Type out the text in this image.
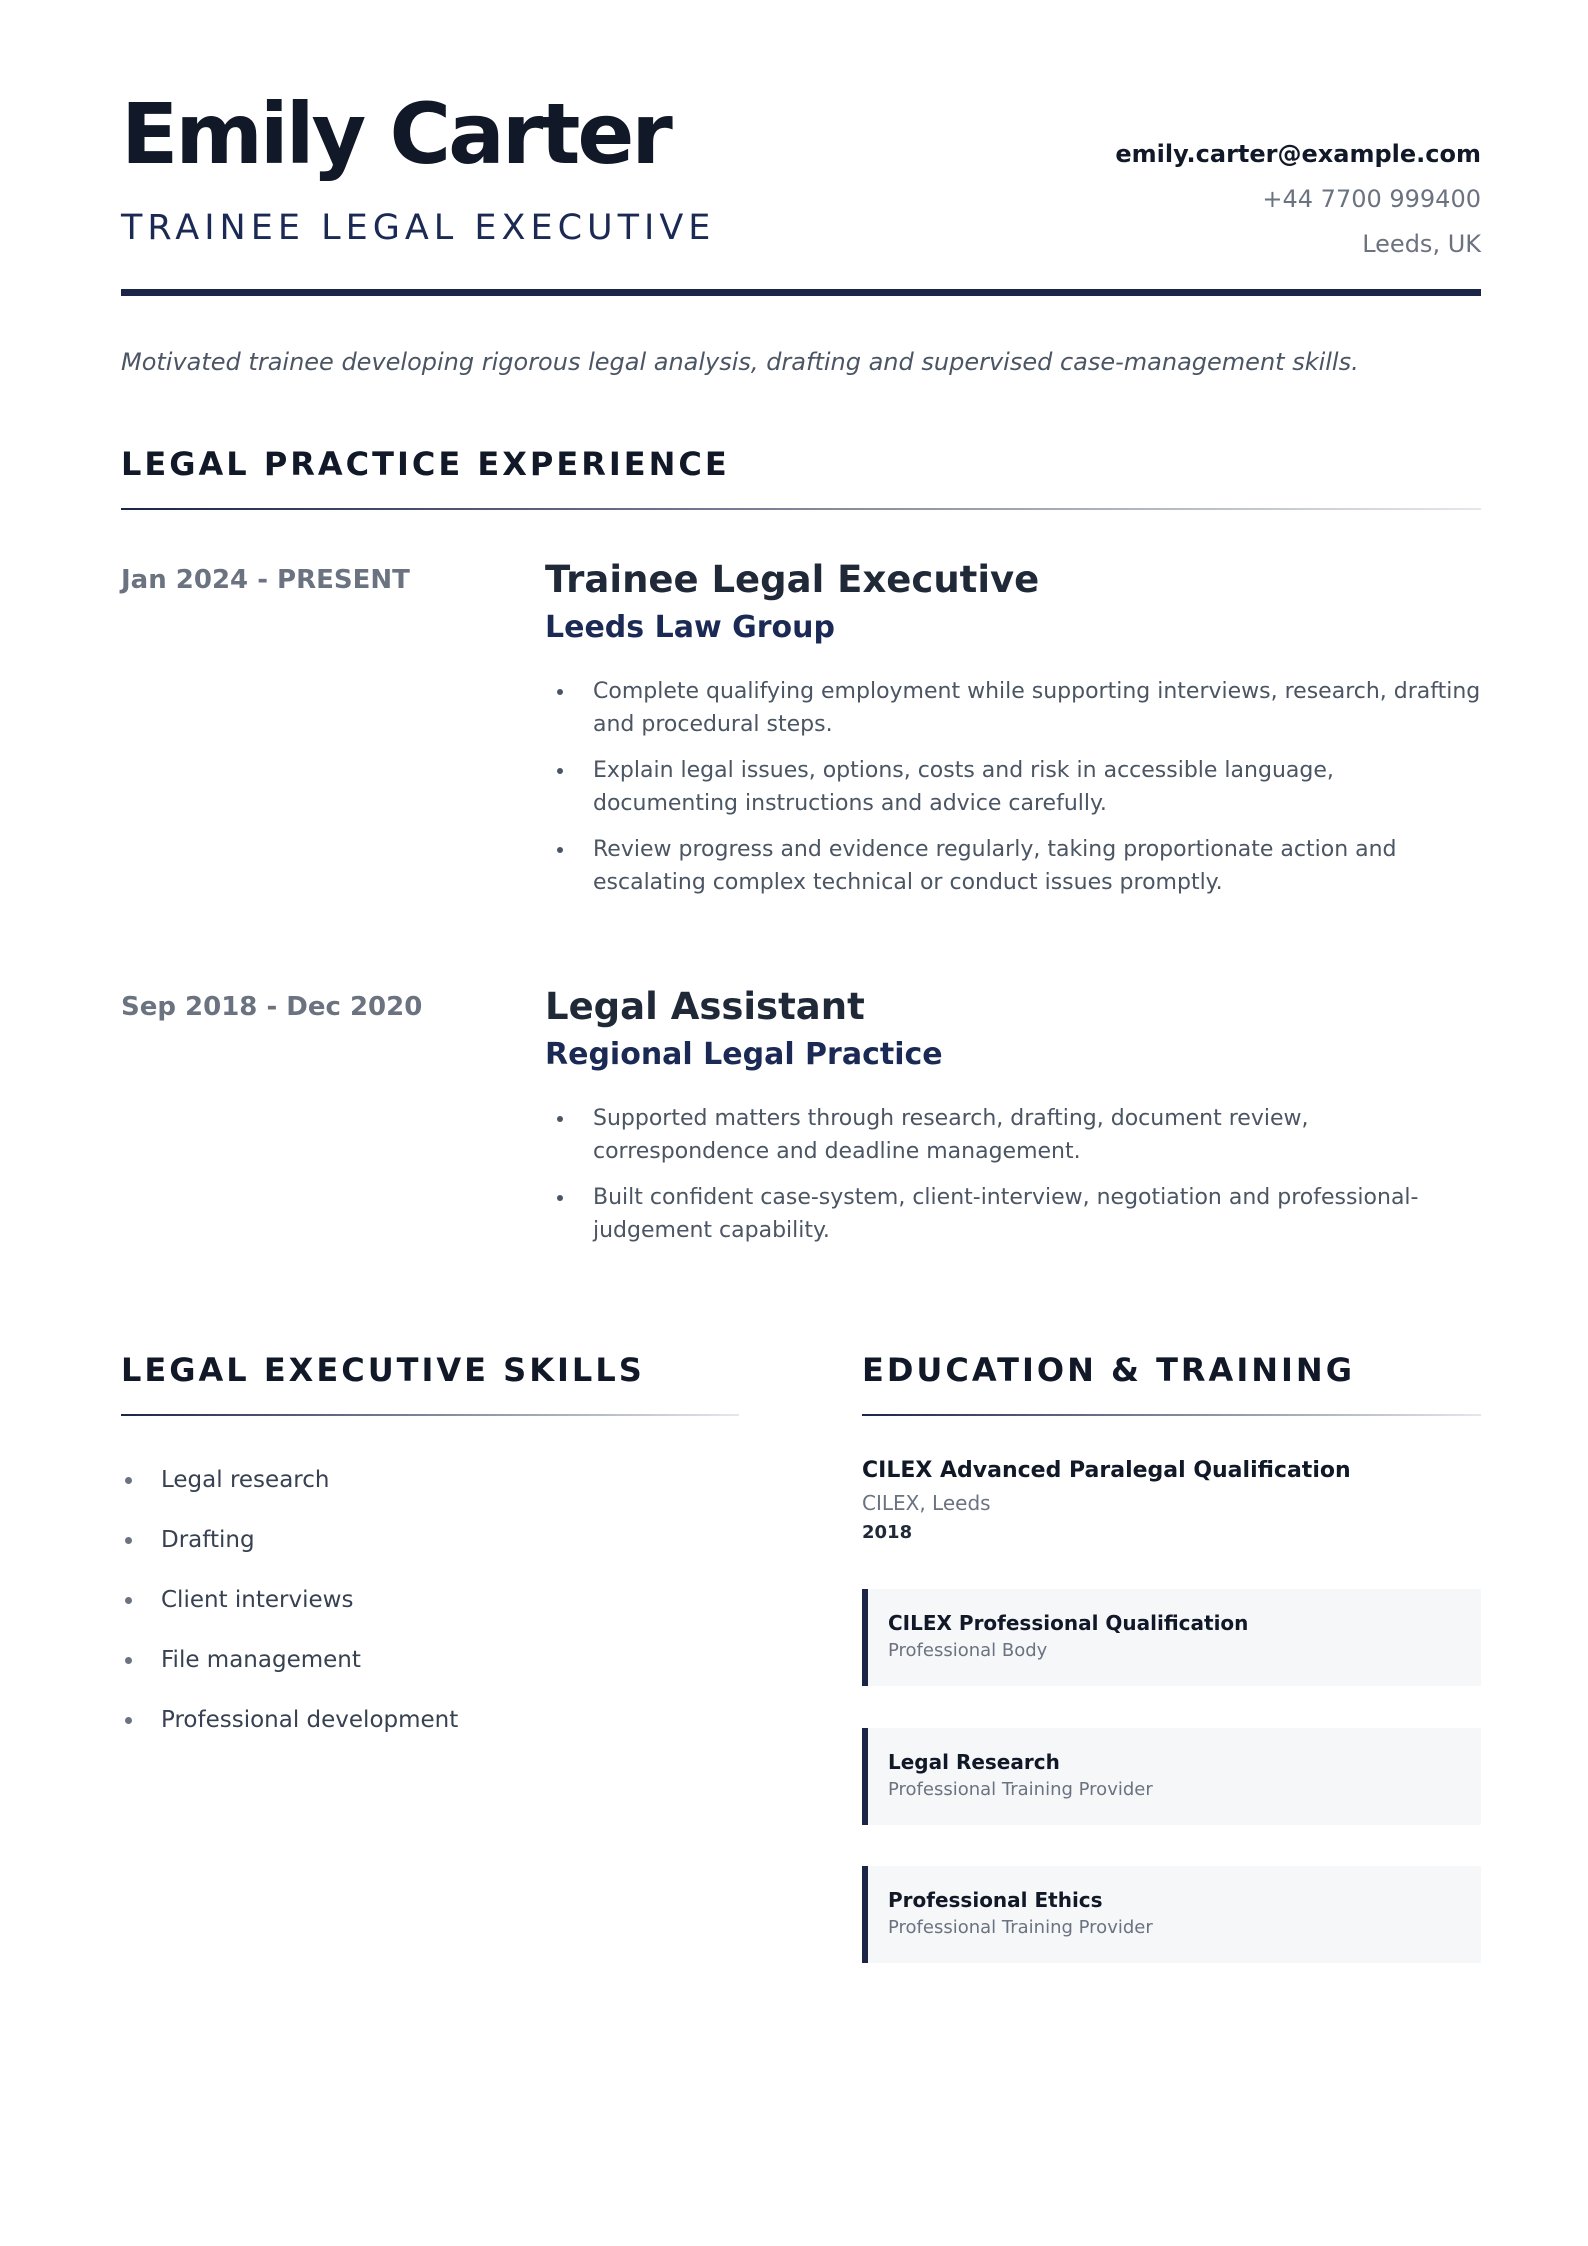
Emily Carter
TRAINEE LEGAL EXECUTIVE
emily.carter@example.com
+44 7700 999400
Leeds, UK
Motivated trainee developing rigorous legal analysis, drafting and supervised case-management skills.
LEGAL PRACTICE EXPERIENCE
Jan 2024 - PRESENT	Trainee Legal Executive
Leeds Law Group
Complete qualifying employment while supporting interviews, research, drafting and procedural steps.
Explain legal issues, options, costs and risk in accessible language, documenting instructions and advice carefully.
Review progress and evidence regularly, taking proportionate action and escalating complex technical or conduct issues promptly.
Sep 2018 - Dec 2020	Legal Assistant
Regional Legal Practice
Supported matters through research, drafting, document review, correspondence and deadline management.
Built confident case-system, client-interview, negotiation and professional-judgement capability.
LEGAL EXECUTIVE SKILLS
Legal research
Drafting
Client interviews
File management
Professional development
EDUCATION & TRAINING
CILEX Advanced Paralegal Qualification
CILEX, Leeds
2018
CILEX Professional Qualification
Professional Body
Legal Research
Professional Training Provider
Professional Ethics
Professional Training Provider
